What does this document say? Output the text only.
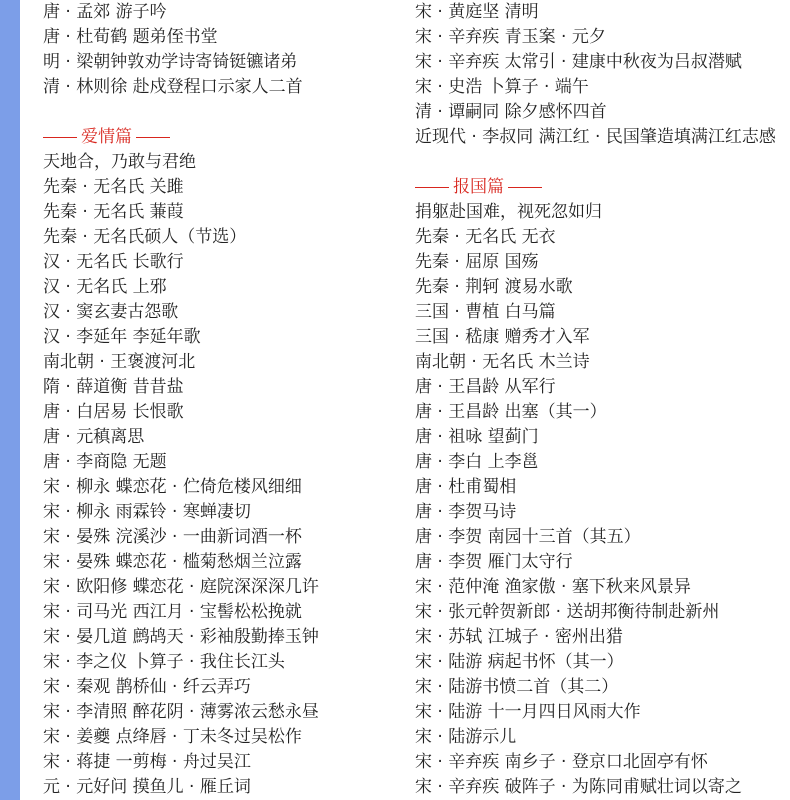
唐 · 孟郊 游子吟
唐 · 杜荀鹤 题弟侄书堂
明 · 梁朝钟敦劝学诗寄锜铤镳诸弟
清 · 林则徐 赴戍登程口示家人二首
爱情篇
天地合，乃敢与君绝
先秦 · 无名氏 关雎
先秦 · 无名氏 蒹葭
先秦 · 无名氏硕人（节选）
汉 · 无名氏 长歌行
汉 · 无名氏 上邪
汉 · 窦玄妻古怨歌
汉 · 李延年 李延年歌
南北朝 · 王褒渡河北
隋 · 薛道衡 昔昔盐
唐 · 白居易 长恨歌
唐 · 元稹离思
唐 · 李商隐 无题
宋 · 柳永 蝶恋花 · 伫倚危楼风细细
宋 · 柳永 雨霖铃 · 寒蝉凄切
宋 · 晏殊 浣溪沙 · 一曲新词酒一杯
宋 · 晏殊 蝶恋花 · 槛菊愁烟兰泣露
宋 · 欧阳修 蝶恋花 · 庭院深深深几许
宋 · 司马光 西江月 · 宝髻松松挽就
宋 · 晏几道 鹧鸪天 · 彩袖殷勤捧玉钟
宋 · 李之仪 卜算子 · 我住长江头
宋 · 秦观 鹊桥仙 · 纤云弄巧
宋 · 李清照 醉花阴 · 薄雾浓云愁永昼
宋 · 姜夔 点绛唇 · 丁未冬过吴松作
宋 · 蒋捷 一剪梅 · 舟过吴江
元 · 元好问 摸鱼儿 · 雁丘词
宋 · 黄庭坚 清明
宋 · 辛弃疾 青玉案 · 元夕
宋 · 辛弃疾 太常引 · 建康中秋夜为吕叔潜赋
宋 · 史浩 卜算子 · 端午
清 · 谭嗣同 除夕感怀四首
近现代 · 李叔同 满江红 · 民国肇造填满江红志感
报国篇
捐躯赴国难，视死忽如归
先秦 · 无名氏 无衣
先秦 · 屈原 国殇
先秦 · 荆轲 渡易水歌
三国 · 曹植 白马篇
三国 · 嵇康 赠秀才入军
南北朝 · 无名氏 木兰诗
唐 · 王昌龄 从军行
唐 · 王昌龄 出塞（其一）
唐 · 祖咏 望蓟门
唐 · 李白 上李邕
唐 · 杜甫蜀相
唐 · 李贺马诗
唐 · 李贺 南园十三首（其五）
唐 · 李贺 雁门太守行
宋 · 范仲淹 渔家傲 · 塞下秋来风景异
宋 · 张元幹贺新郎 · 送胡邦衡待制赴新州
宋 · 苏轼 江城子 · 密州出猎
宋 · 陆游 病起书怀（其一）
宋 · 陆游书愤二首（其二）
宋 · 陆游 十一月四日风雨大作
宋 · 陆游示儿
宋 · 辛弃疾 南乡子 · 登京口北固亭有怀
宋 · 辛弃疾 破阵子 · 为陈同甫赋壮词以寄之
